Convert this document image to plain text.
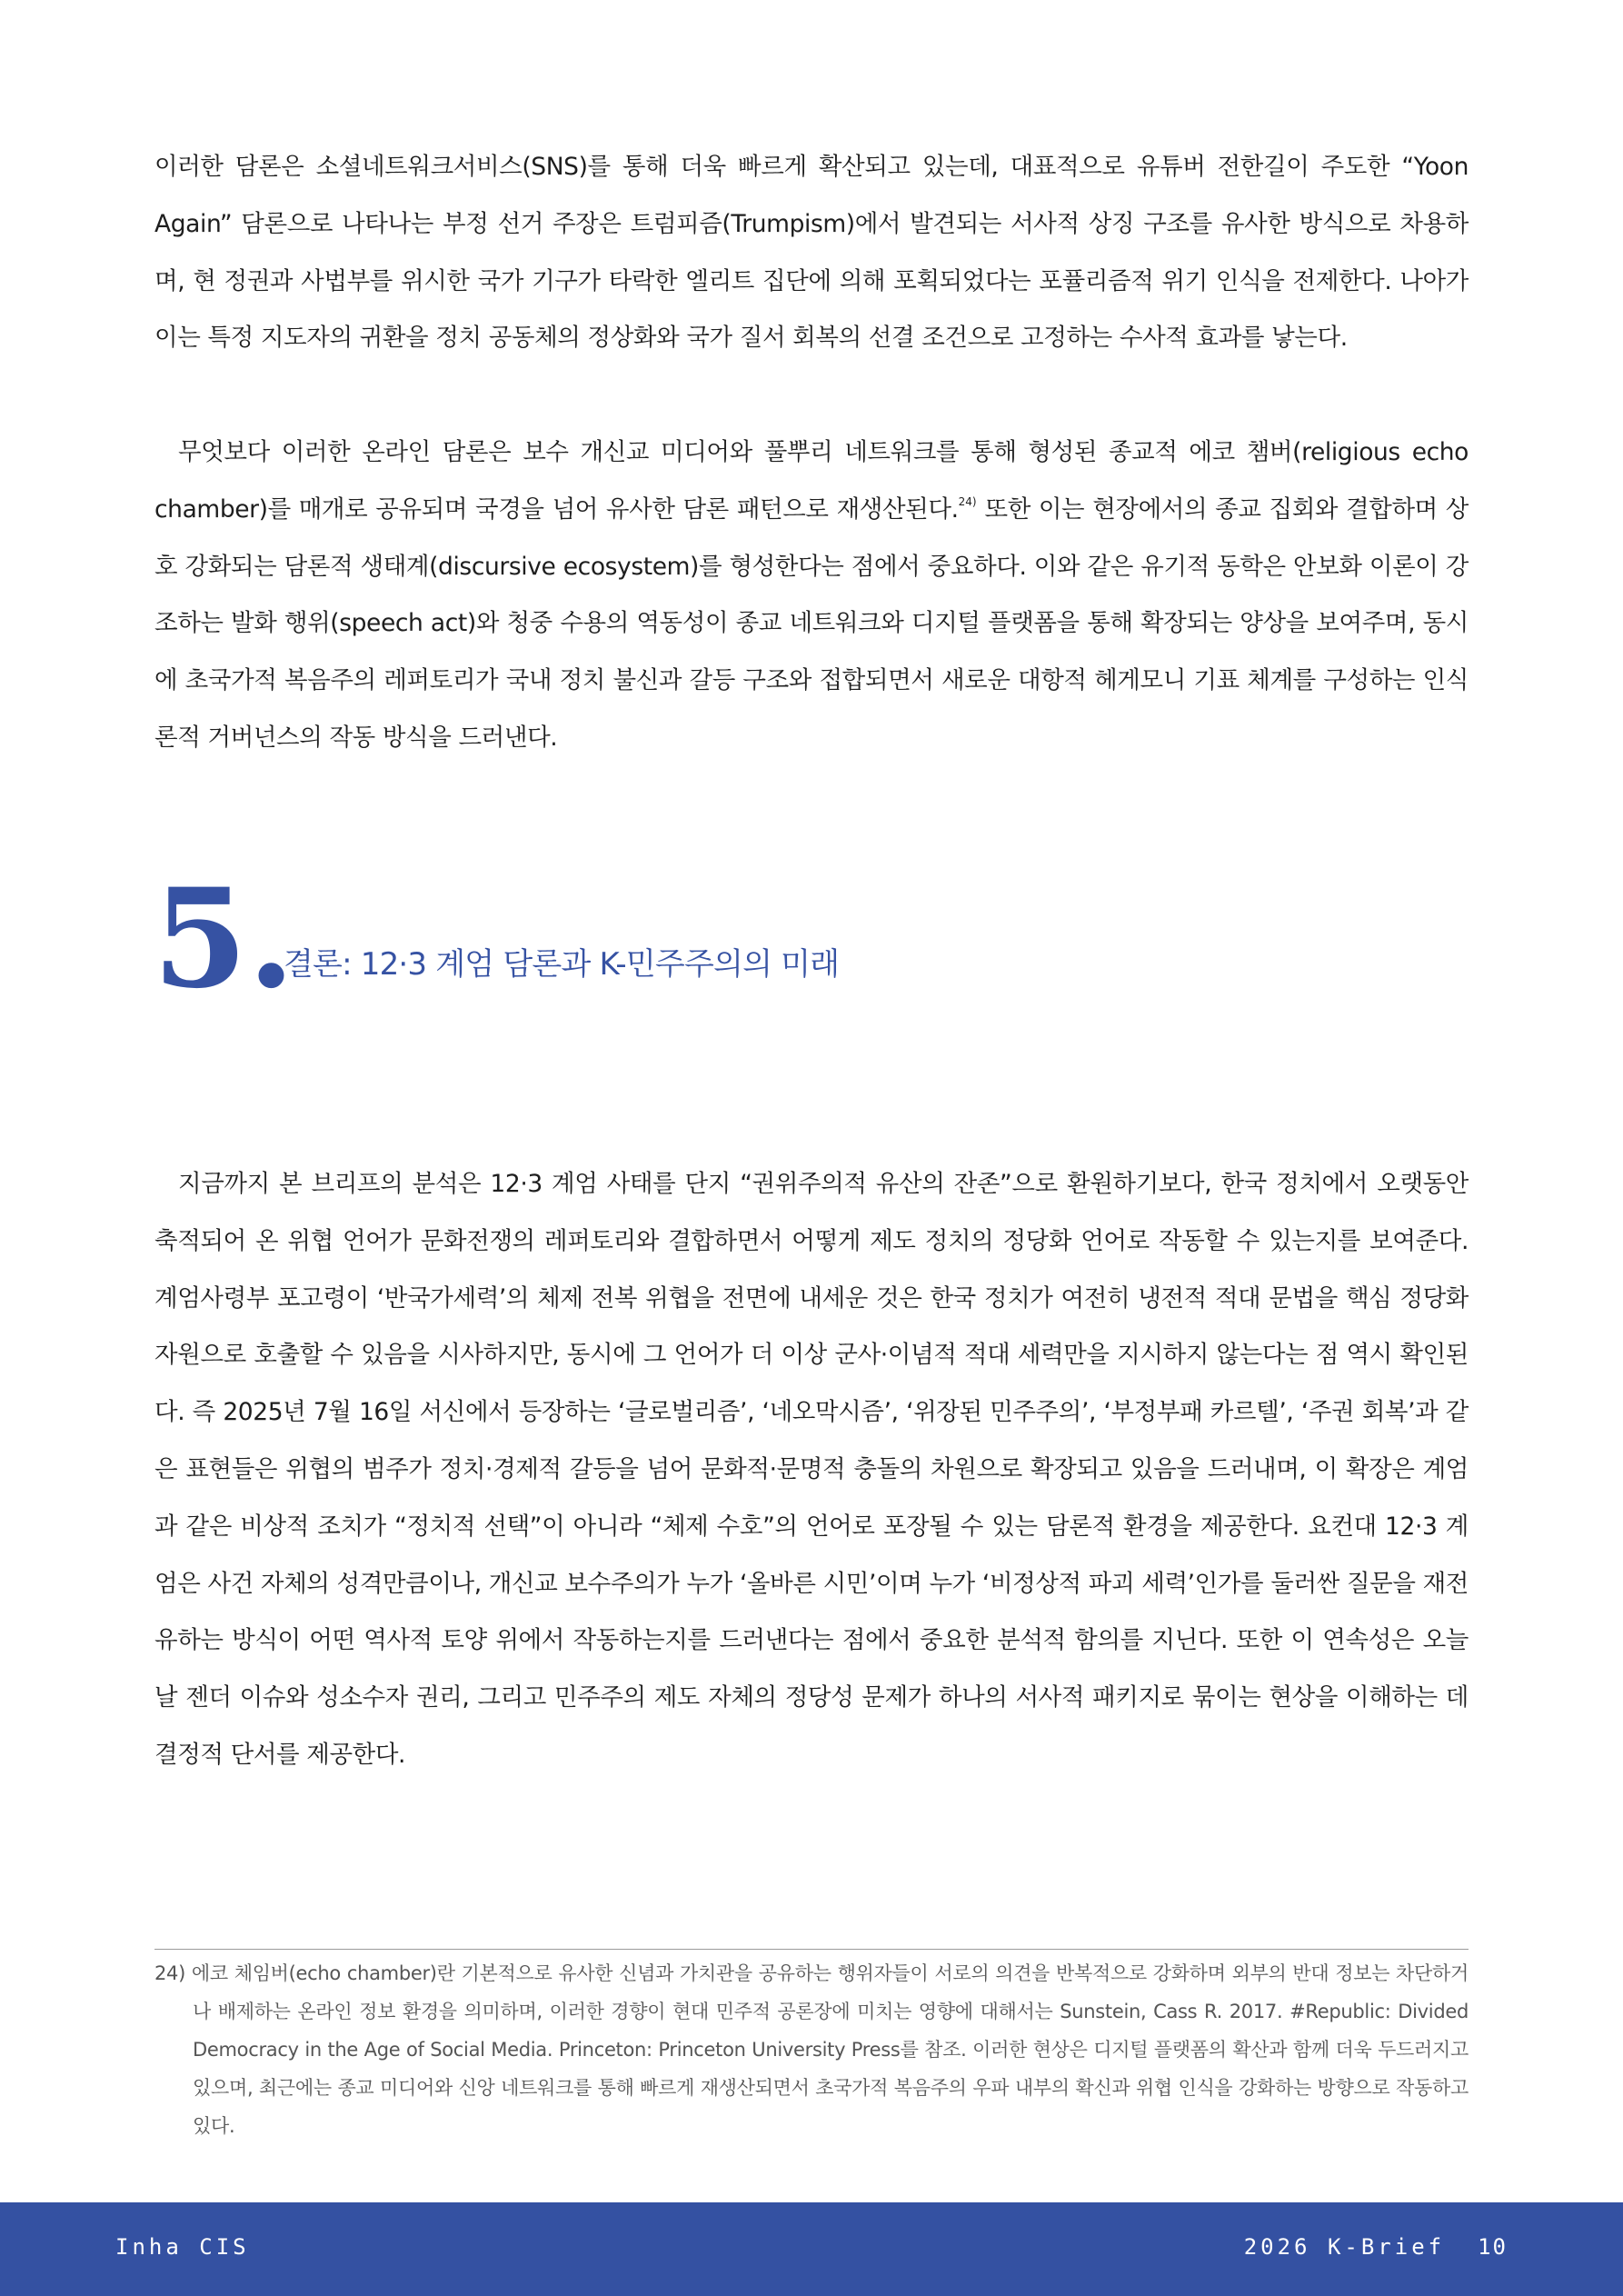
이러한 담론은 소셜네트워크서비스(SNS)를 통해 더욱 빠르게 확산되고 있는데, 대표적으로 유튜버 전한길이 주도한 “Yoon Again” 담론으로 나타나는 부정 선거 주장은 트럼피즘(Trumpism)에서 발견되는 서사적 상징 구조를 유사한 방식으로 차용하며, 현 정권과 사법부를 위시한 국가 기구가 타락한 엘리트 집단에 의해 포획되었다는 포퓰리즘적 위기 인식을 전제한다. 나아가 이는 특정 지도자의 귀환을 정치 공동체의 정상화와 국가 질서 회복의 선결 조건으로 고정하는 수사적 효과를 낳는다.

무엇보다 이러한 온라인 담론은 보수 개신교 미디어와 풀뿌리 네트워크를 통해 형성된 종교적 에코 챔버(religious echo chamber)를 매개로 공유되며 국경을 넘어 유사한 담론 패턴으로 재생산된다.$^{24)}$ 또한 이는 현장에서의 종교 집회와 결합하며 상호 강화되는 담론적 생태계(discursive ecosystem)를 형성한다는 점에서 중요하다. 이와 같은 유기적 동학은 안보화 이론이 강조하는 발화 행위(speech act)와 청중 수용의 역동성이 종교 네트워크와 디지털 플랫폼을 통해 확장되는 양상을 보여주며, 동시에 초국가적 복음주의 레퍼토리가 국내 정치 불신과 갈등 구조와 접합되면서 새로운 대항적 헤게모니 기표 체계를 구성하는 인식론적 거버넌스의 작동 방식을 드러낸다.

5.
결론: 12·3 계엄 담론과 K-민주주의의 미래

지금까지 본 브리프의 분석은 12·3 계엄 사태를 단지 “권위주의적 유산의 잔존”으로 환원하기보다, 한국 정치에서 오랫동안 축적되어 온 위협 언어가 문화전쟁의 레퍼토리와 결합하면서 어떻게 제도 정치의 정당화 언어로 작동할 수 있는지를 보여준다. 계엄사령부 포고령이 ‘반국가세력’의 체제 전복 위협을 전면에 내세운 것은 한국 정치가 여전히 냉전적 적대 문법을 핵심 정당화 자원으로 호출할 수 있음을 시사하지만, 동시에 그 언어가 더 이상 군사·이념적 적대 세력만을 지시하지 않는다는 점 역시 확인된다. 즉 2025년 7월 16일 서신에서 등장하는 ‘글로벌리즘’, ‘네오막시즘’, ‘위장된 민주주의’, ‘부정부패 카르텔’, ‘주권 회복’과 같은 표현들은 위협의 범주가 정치·경제적 갈등을 넘어 문화적·문명적 충돌의 차원으로 확장되고 있음을 드러내며, 이 확장은 계엄과 같은 비상적 조치가 “정치적 선택”이 아니라 “체제 수호”의 언어로 포장될 수 있는 담론적 환경을 제공한다. 요컨대 12·3 계엄은 사건 자체의 성격만큼이나, 개신교 보수주의가 누가 ‘올바른 시민’이며 누가 ‘비정상적 파괴 세력’인가를 둘러싼 질문을 재전유하는 방식이 어떤 역사적 토양 위에서 작동하는지를 드러낸다는 점에서 중요한 분석적 함의를 지닌다. 또한 이 연속성은 오늘날 젠더 이슈와 성소수자 권리, 그리고 민주주의 제도 자체의 정당성 문제가 하나의 서사적 패키지로 묶이는 현상을 이해하는 데 결정적 단서를 제공한다.

24) 에코 체임버(echo chamber)란 기본적으로 유사한 신념과 가치관을 공유하는 행위자들이 서로의 의견을 반복적으로 강화하며 외부의 반대 정보는 차단하거나 배제하는 온라인 정보 환경을 의미하며, 이러한 경향이 현대 민주적 공론장에 미치는 영향에 대해서는 Sunstein, Cass R. 2017. #Republic: Divided Democracy in the Age of Social Media. Princeton: Princeton University Press를 참조. 이러한 현상은 디지털 플랫폼의 확산과 함께 더욱 두드러지고 있으며, 최근에는 종교 미디어와 신앙 네트워크를 통해 빠르게 재생산되면서 초국가적 복음주의 우파 내부의 확신과 위협 인식을 강화하는 방향으로 작동하고 있다.

Inha CIS	2026 K-Brief 10
